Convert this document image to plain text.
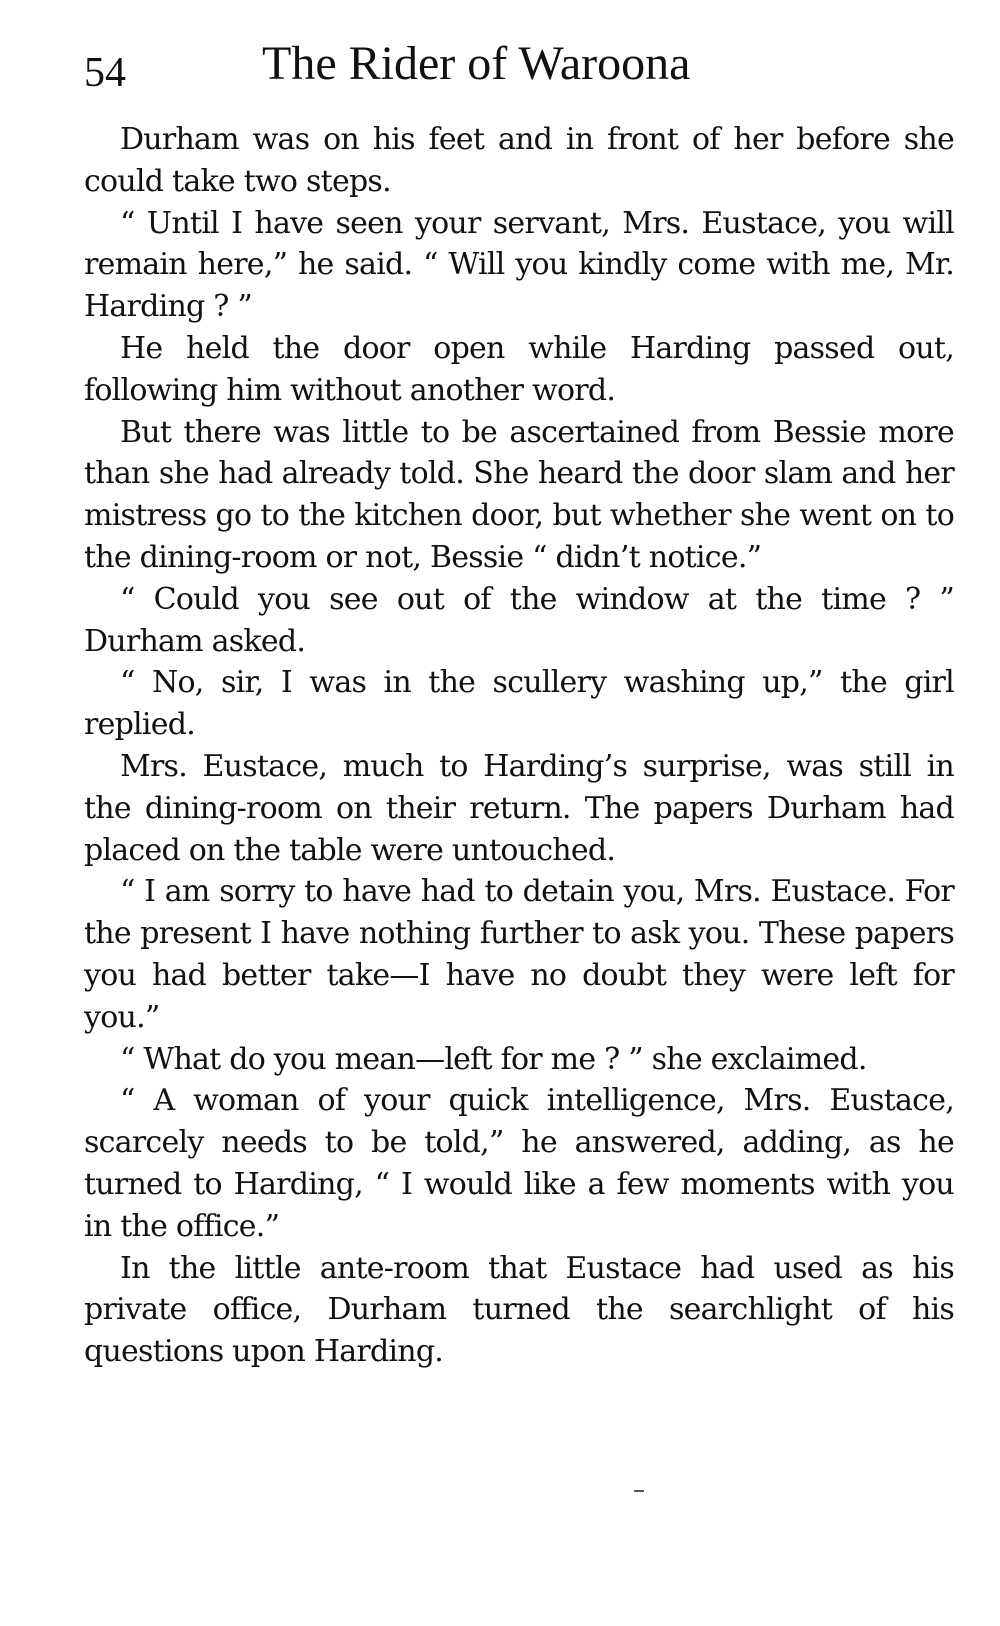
54	The Rider of Waroona

Durham was on his feet and in front of her before she could take two steps.

“ Until I have seen your servant, Mrs. Eustace, you will remain here,” he said. “ Will you kindly come with me, Mr. Harding ? ”

He held the door open while Harding passed out, following him without another word.

But there was little to be ascertained from Bessie more than she had already told. She heard the door slam and her mistress go to the kitchen door, but whether she went on to the dining-room or not, Bessie “ didn’t notice.”

“ Could you see out of the window at the time ? ” Durham asked.

“ No, sir, I was in the scullery washing up,” the girl replied.

Mrs. Eustace, much to Harding’s surprise, was still in the dining-room on their return. The papers Durham had placed on the table were untouched.

“ I am sorry to have had to detain you, Mrs. Eustace. For the present I have nothing further to ask you. These papers you had better take—I have no doubt they were left for you.”

“ What do you mean—left for me ? ” she exclaimed.

“ A woman of your quick intelligence, Mrs. Eustace, scarcely needs to be told,” he answered, adding, as he turned to Harding, “ I would like a few moments with you in the office.”

In the little ante-room that Eustace had used as his private office, Durham turned the searchlight of his questions upon Harding.
